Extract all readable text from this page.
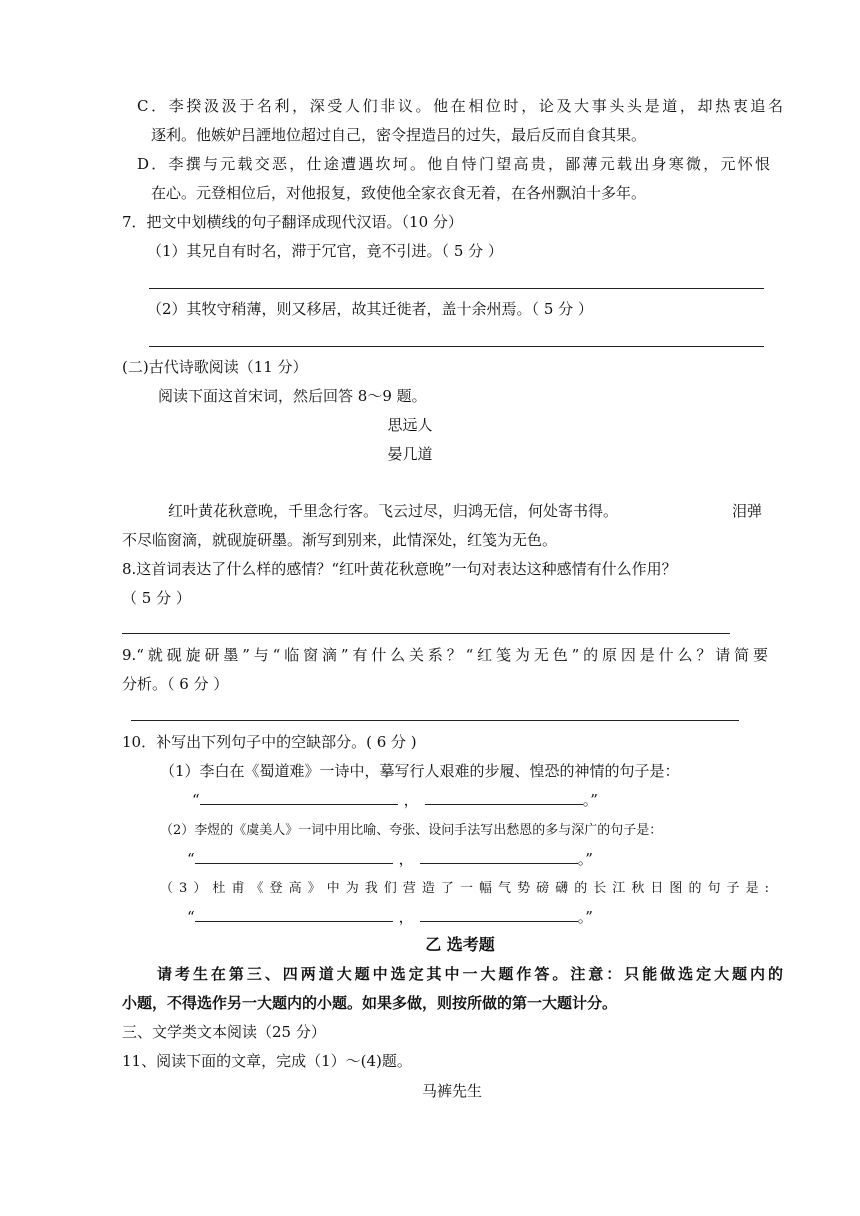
C．李揆汲汲于名利，深受人们非议。他在相位时，论及大事头头是道，却热衷追名
逐利。他嫉妒吕諲地位超过自己，密令捏造吕的过失，最后反而自食其果。
D．李撰与元载交恶，仕途遭遇坎坷。他自恃门望高贵，鄙薄元载出身寒微，元怀恨
在心。元登相位后，对他报复，致使他全家衣食无着，在各州飘泊十多年。
7．把文中划横线的句子翻译成现代汉语。（10 分）
（1）其兄自有时名，滞于冗官，竟不引进。（ 5 分 ）
（2）其牧守稍薄，则又移居，故其迁徙者，盖十余州焉。（ 5 分 ）
(二)古代诗歌阅读（11 分）
阅读下面这首宋词，然后回答 8～9 题。
思远人
晏几道
红叶黄花秋意晚，千里念行客。飞云过尽，归鸿无信，何处寄书得。	泪弹
不尽临窗滴，就砚旋研墨。渐写到别来，此情深处，红笺为无色。
8.这首词表达了什么样的感情？“红叶黄花秋意晚”一句对表达这种感情有什么作用？
（ 5 分 ）
9.“就砚旋研墨”与“临窗滴”有什么关系？“红笺为无色”的原因是什么？请简要
分析。（ 6 分 ）
10．补写出下列句子中的空缺部分。( 6 分 )
（1）李白在《蜀道难》一诗中，摹写行人艰难的步履、惶恐的神情的句子是：
“	，	。”
（2）李煜的《虞美人》一词中用比喻、夸张、设问手法写出愁恩的多与深广的句子是：
“	，	。”
（3）杜甫《登高》中为我们营造了一幅气势磅礴的长江秋日图的句子是:
“	，	。”
乙 选考题
请考生在第三、四两道大题中选定其中一大题作答。注意：只能做选定大题内的
小题，不得选作另一大题内的小题。如果多做，则按所做的第一大题计分。
三、文学类文本阅读（25 分）
11、阅读下面的文章，完成（1）～(4)题。
马裤先生
